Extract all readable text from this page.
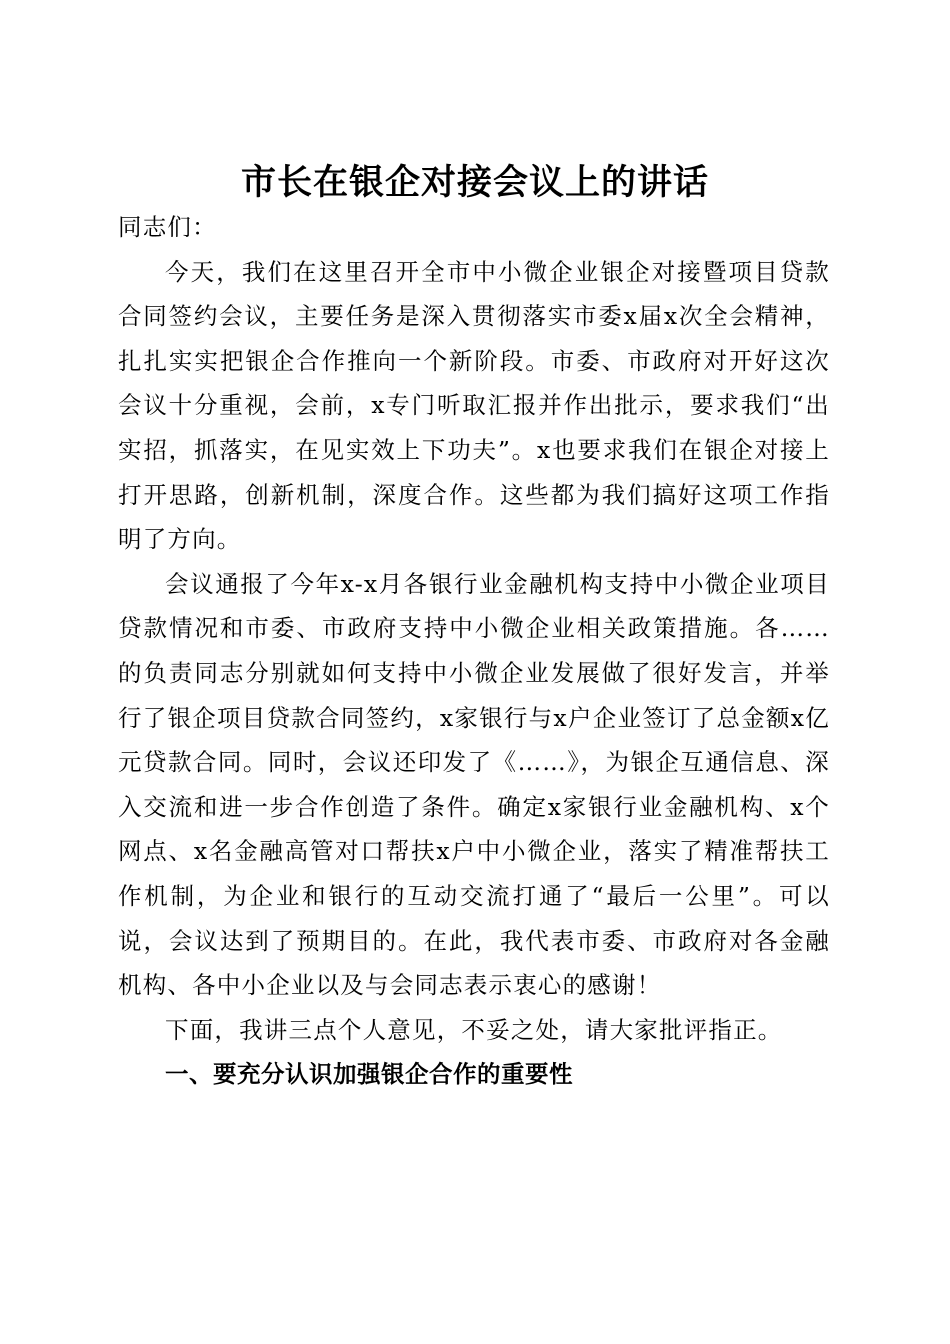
市长在银企对接会议上的讲话

同志们：

今天，我们在这里召开全市中小微企业银企对接暨项目贷款合同签约会议，主要任务是深入贯彻落实市委x届x次全会精神，扎扎实实把银企合作推向一个新阶段。市委、市政府对开好这次会议十分重视，会前，x专门听取汇报并作出批示，要求我们“出实招，抓落实，在见实效上下功夫”。x也要求我们在银企对接上打开思路，创新机制，深度合作。这些都为我们搞好这项工作指明了方向。

会议通报了今年x-x月各银行业金融机构支持中小微企业项目贷款情况和市委、市政府支持中小微企业相关政策措施。各……的负责同志分别就如何支持中小微企业发展做了很好发言，并举行了银企项目贷款合同签约，x家银行与x户企业签订了总金额x亿元贷款合同。同时，会议还印发了《……》，为银企互通信息、深入交流和进一步合作创造了条件。确定x家银行业金融机构、x个网点、x名金融高管对口帮扶x户中小微企业，落实了精准帮扶工作机制，为企业和银行的互动交流打通了“最后一公里”。可以说，会议达到了预期目的。在此，我代表市委、市政府对各金融机构、各中小企业以及与会同志表示衷心的感谢！

下面，我讲三点个人意见，不妥之处，请大家批评指正。

一、要充分认识加强银企合作的重要性
